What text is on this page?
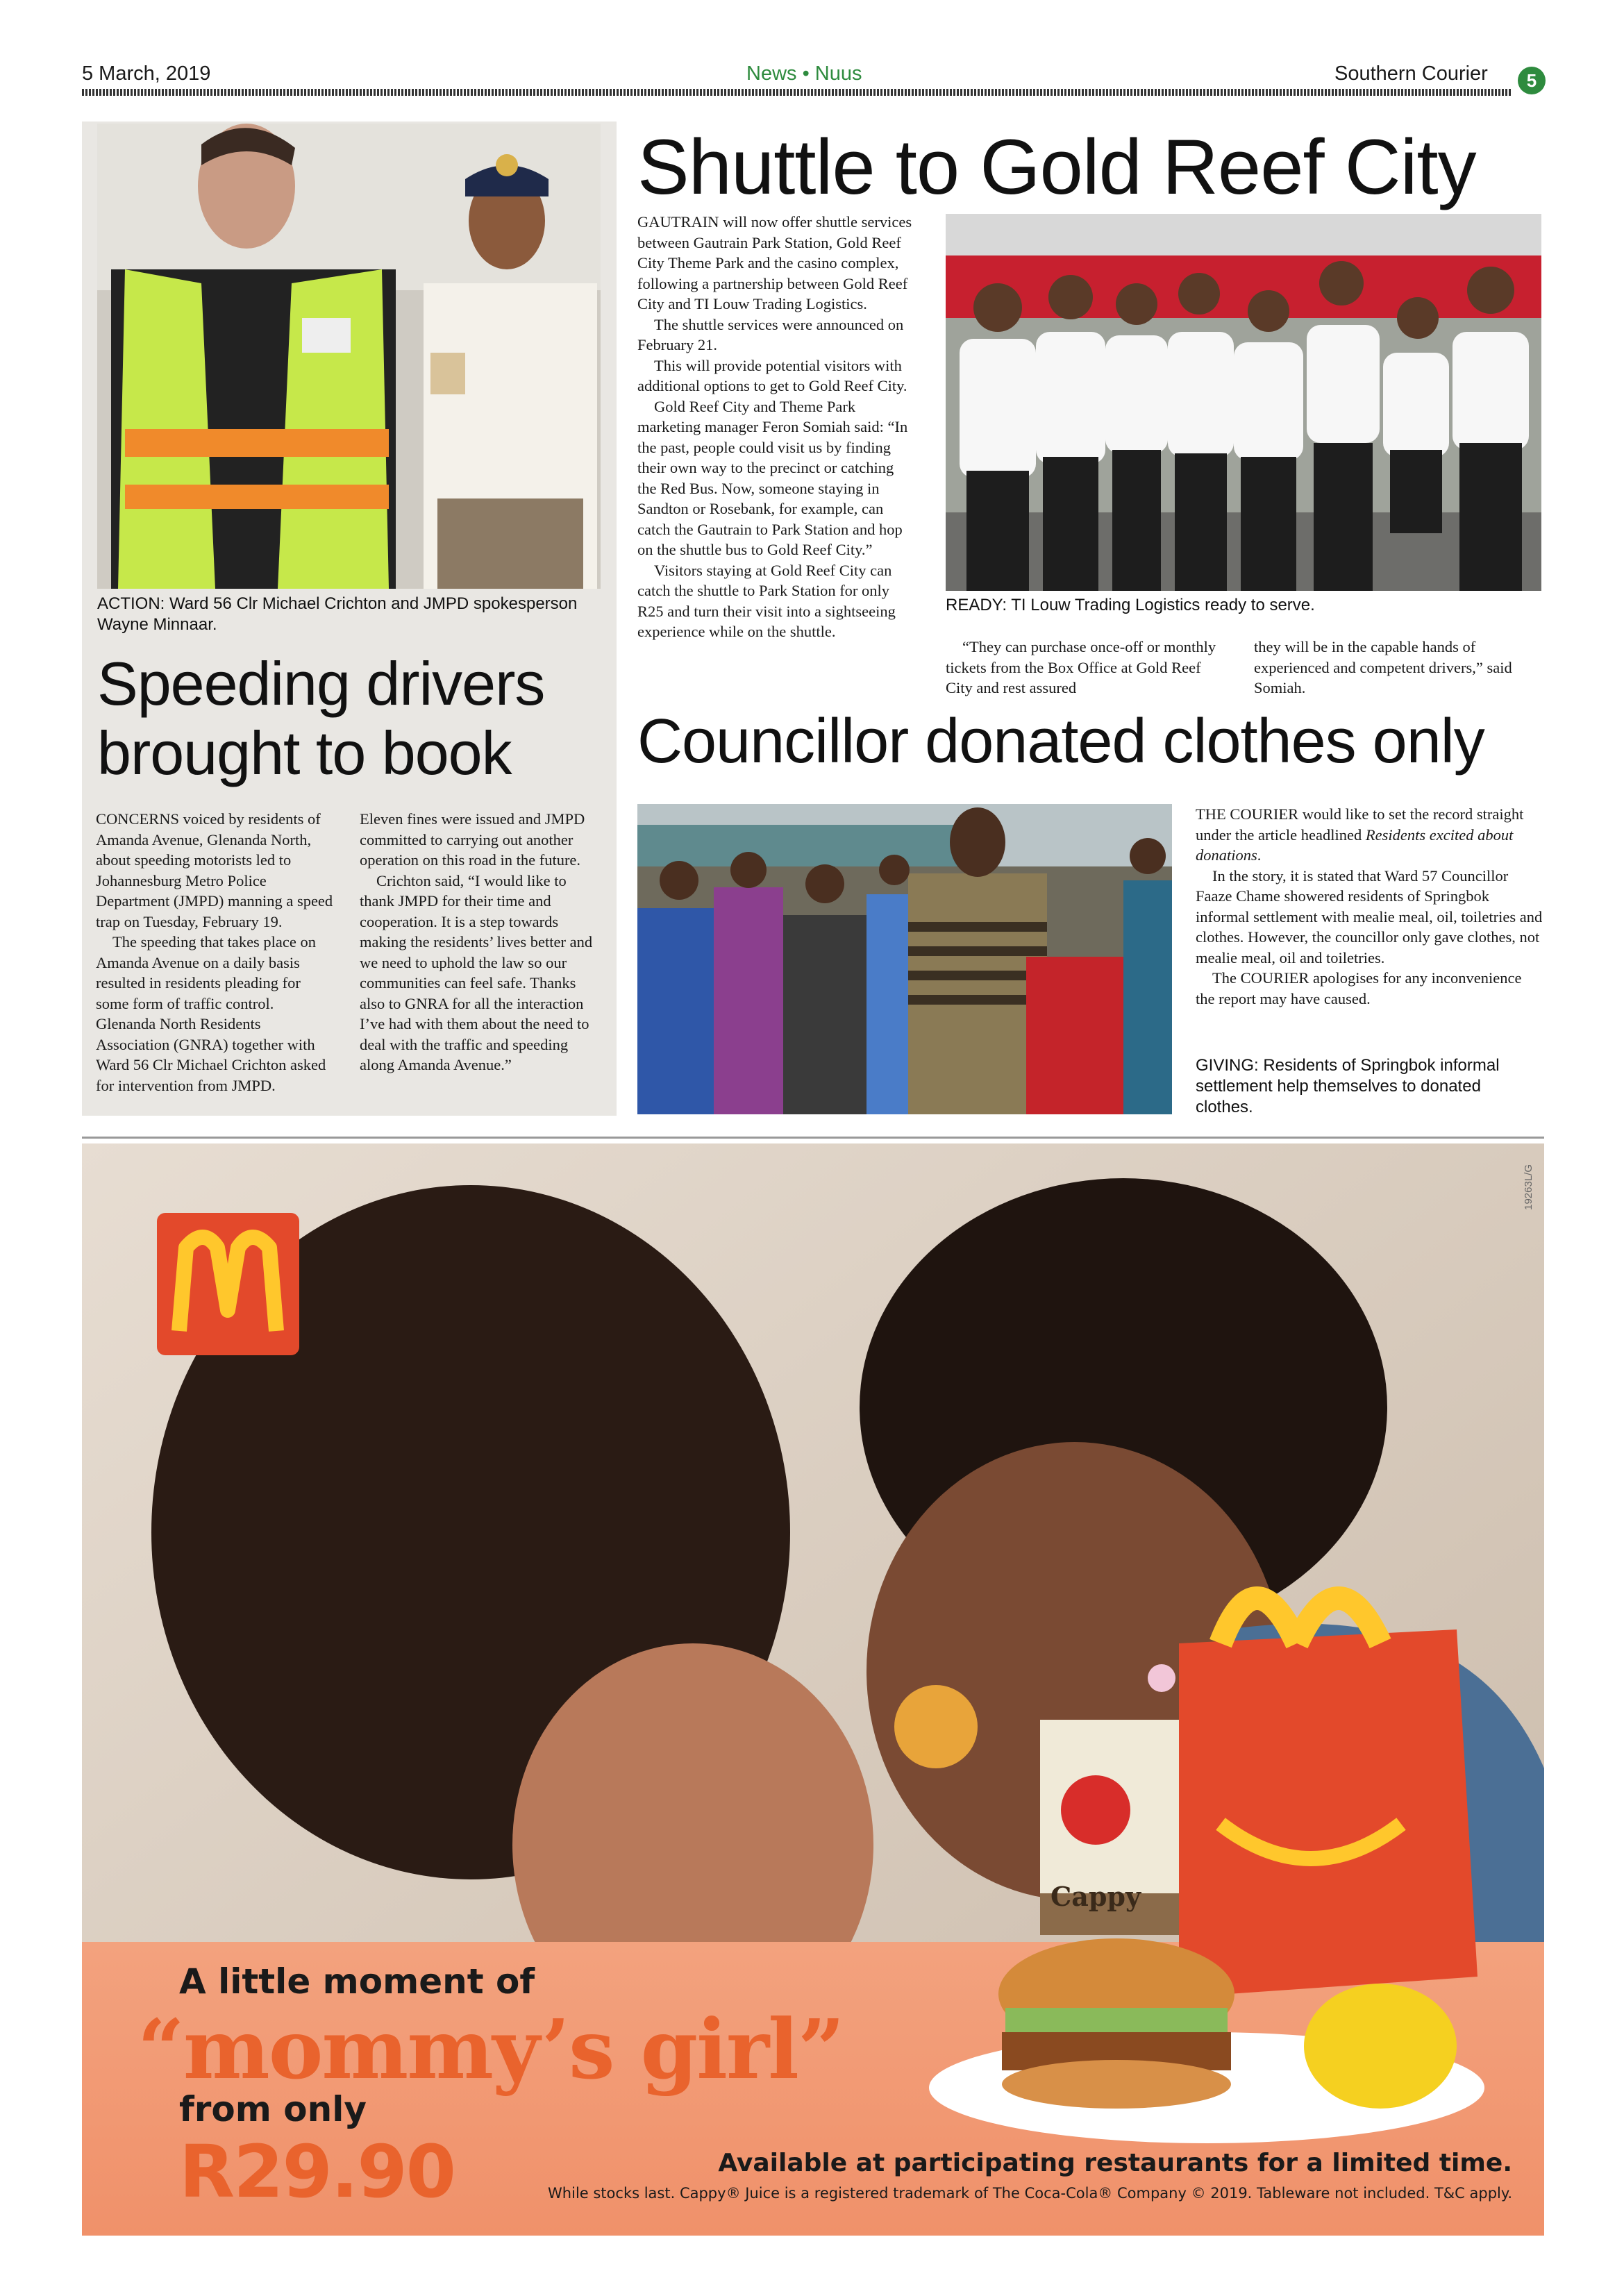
5 March, 2019	News • Nuus	Southern Courier	5
ACTION: Ward 56 Clr Michael Crichton and JMPD spokesperson Wayne Minnaar.
Speeding drivers
brought to book

CONCERNS voiced by residents of Amanda Avenue, Glenanda North, about speeding motorists led to Johannesburg Metro Police Department (JMPD) manning a speed trap on Tuesday, February 19.

The speeding that takes place on Amanda Avenue on a daily basis resulted in residents pleading for some form of traffic control. Glenanda North Residents Association (GNRA) together with Ward 56 Clr Michael Crichton asked for intervention from JMPD.

Eleven fines were issued and JMPD committed to carrying out another operation on this road in the future.

Crichton said, “I would like to thank JMPD for their time and cooperation. It is a step towards making the residents’ lives better and we need to uphold the law so our communities can feel safe. Thanks also to GNRA for all the interaction I’ve had with them about the need to deal with the traffic and speeding along Amanda Avenue.”

Shuttle to Gold Reef City

GAUTRAIN will now offer shuttle services between Gautrain Park Station, Gold Reef City Theme Park and the casino complex, following a partnership between Gold Reef City and TI Louw Trading Logistics.

The shuttle services were announced on February 21.

This will provide potential visitors with additional options to get to Gold Reef City.

Gold Reef City and Theme Park marketing manager Feron Somiah said: “In the past, people could visit us by finding their own way to the precinct or catching the Red Bus. Now, someone staying in Sandton or Rosebank, for example, can catch the Gautrain to Park Station and hop on the shuttle bus to Gold Reef City.”

Visitors staying at Gold Reef City can catch the shuttle to Park Station for only R25 and turn their visit into a sightseeing experience while on the shuttle.

READY: TI Louw Trading Logistics ready to serve.

“They can purchase once-off or monthly tickets from the Box Office at Gold Reef City and rest assured

they will be in the capable hands of experienced and competent drivers,” said Somiah.

Councillor donated clothes only

THE COURIER would like to set the record straight under the article headlined Residents excited about donations.

In the story, it is stated that Ward 57 Councillor Faaze Chame showered residents of Springbok informal settlement with mealie meal, oil, toiletries and clothes. However, the councillor only gave clothes, not mealie meal, oil and toiletries.

The COURIER apologises for any inconvenience the report may have caused.

GIVING: Residents of Springbok informal settlement help themselves to donated clothes.
19263L/G
Cappy
A little moment of
“mommy’s girl”
from only
R29.90	Available at participating restaurants for a limited time.
While stocks last. Cappy® Juice is a registered trademark of The Coca-Cola® Company © 2019. Tableware not included. T&C apply.
